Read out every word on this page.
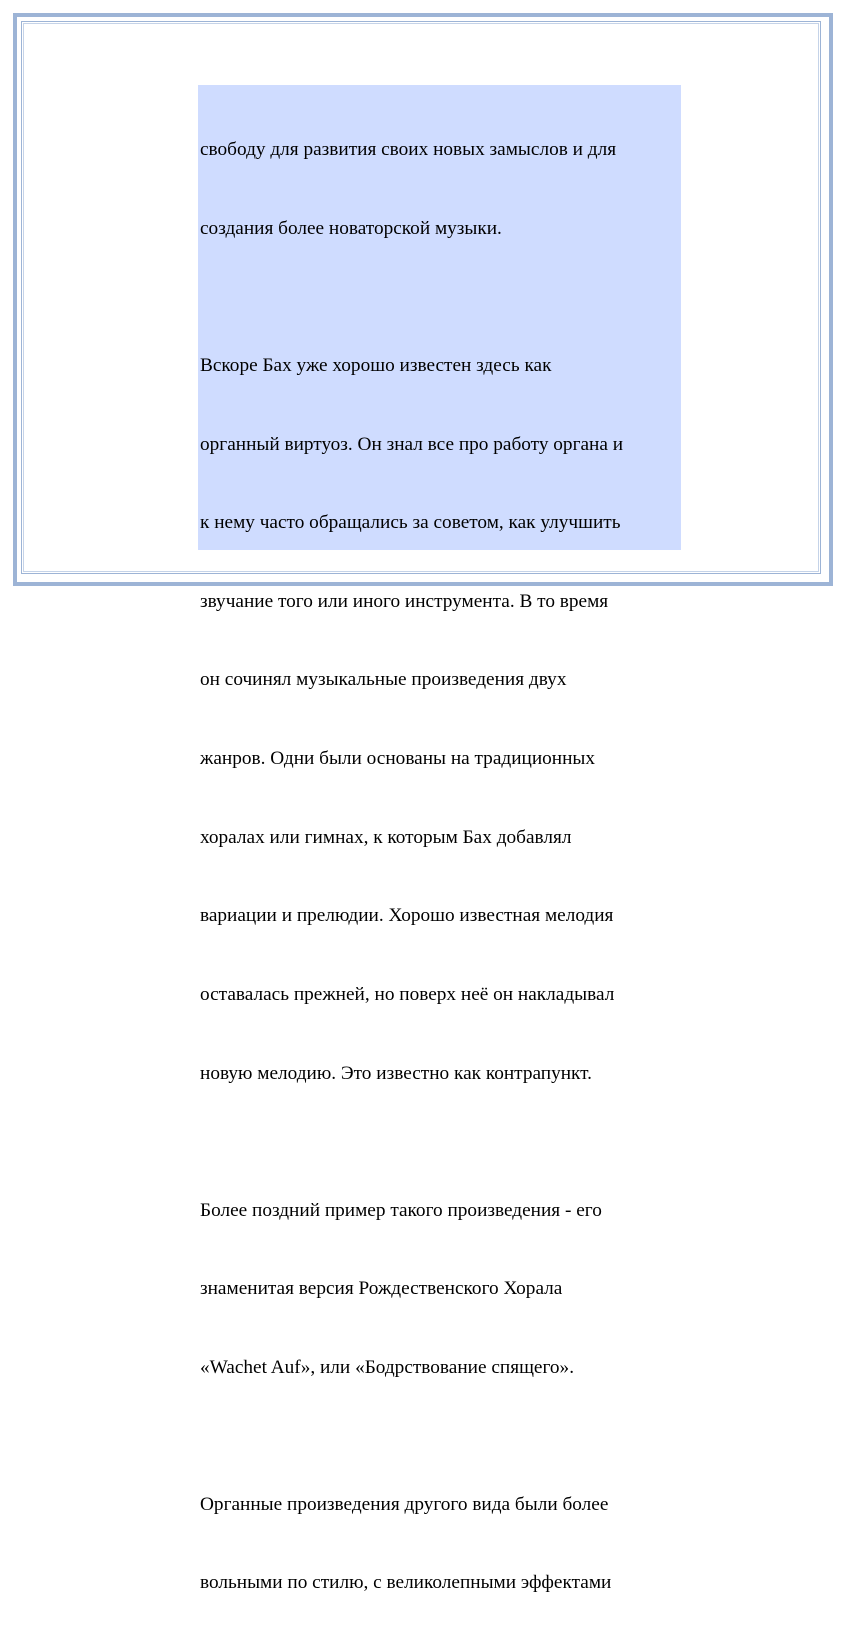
свободу для развития своих новых замыслов и для

создания более новаторской музыки.

Вскоре Бах уже хорошо известен здесь как

органный виртуоз. Он знал все про работу органа и

к нему часто обращались за советом, как улучшить

звучание того или иного инструмента. В то время

он сочинял музыкальные произведения двух

жанров. Одни были основаны на традиционных

хоралах или гимнах, к которым Бах добавлял

вариации и прелюдии. Хорошо известная мелодия

оставалась прежней, но поверх неё он накладывал

новую мелодию. Это известно как контрапункт.

Более поздний пример такого произведения - его

знаменитая версия Рождественского Хорала

«Wachet Auf», или «Бодрствование спящего».

Органные произведения другого вида были более

вольными по стилю, с великолепными эффектами
